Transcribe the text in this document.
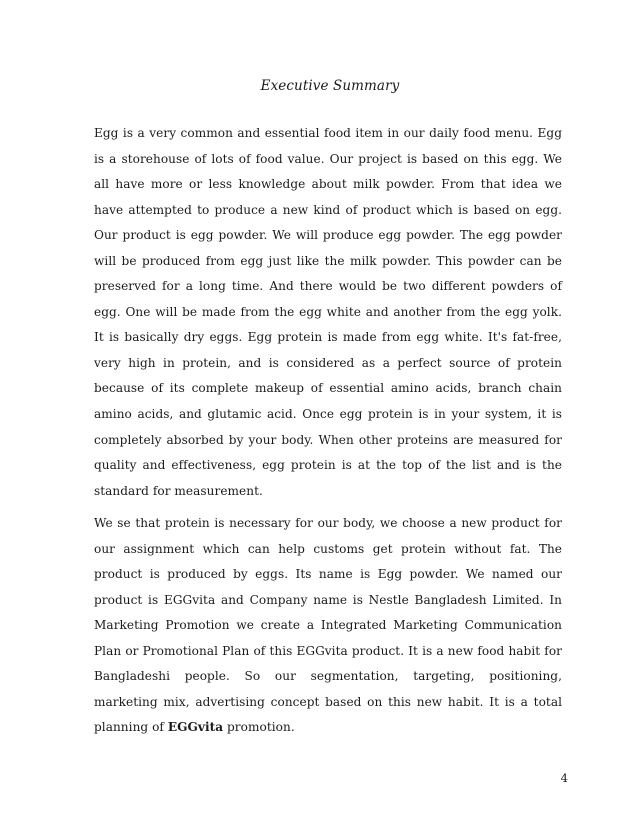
Executive Summary

Egg is a very common and essential food item in our daily food menu. Egg is a storehouse of lots of food value. Our project is based on this egg. We all have more or less knowledge about milk powder. From that idea we have attempted to produce a new kind of product which is based on egg. Our product is egg powder. We will produce egg powder. The egg powder will be produced from egg just like the milk powder. This powder can be preserved for a long time. And there would be two different powders of egg. One will be made from the egg white and another from the egg yolk. It is basically dry eggs. Egg protein is made from egg white. It's fat-free, very high in protein, and is considered as a perfect source of protein because of its complete makeup of essential amino acids, branch chain amino acids, and glutamic acid. Once egg protein is in your system, it is completely absorbed by your body. When other proteins are measured for quality and effectiveness, egg protein is at the top of the list and is the standard for measurement.

We se that protein is necessary for our body, we choose a new product for our assignment which can help customs get protein without fat. The product is produced by eggs. Its name is Egg powder. We named our product is EGGvita and Company name is Nestle Bangladesh Limited. In Marketing Promotion we create a Integrated Marketing Communication Plan or Promotional Plan of this EGGvita product. It is a new food habit for Bangladeshi people. So our segmentation, targeting, positioning, marketing mix, advertising concept based on this new habit. It is a total planning of EGGvita promotion.

4
